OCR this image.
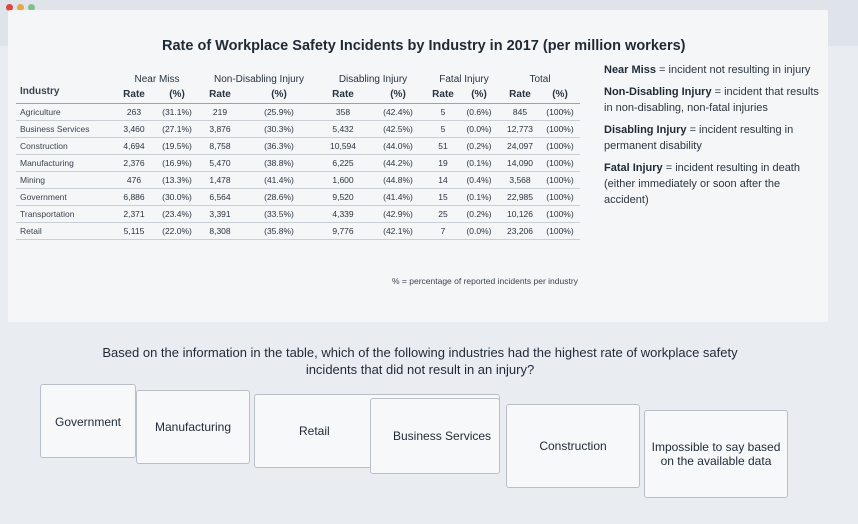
Rate of Workplace Safety Incidents by Industry in 2017 (per million workers)
Industry	Near Miss		Non-Disabling Injury		Disabling Injury		Fatal Injury		Total	
	Rate	(%)	Rate	(%)	Rate	(%)	Rate	(%)	Rate	(%)
Agriculture	263	(31.1%)	219	(25.9%)	358	(42.4%)	5	(0.6%)	845	(100%)
Business Services	3,460	(27.1%)	3,876	(30.3%)	5,432	(42.5%)	5	(0.0%)	12,773	(100%)
Construction	4,694	(19.5%)	8,758	(36.3%)	10,594	(44.0%)	51	(0.2%)	24,097	(100%)
Manufacturing	2,376	(16.9%)	5,470	(38.8%)	6,225	(44.2%)	19	(0.1%)	14,090	(100%)
Mining	476	(13.3%)	1,478	(41.4%)	1,600	(44.8%)	14	(0.4%)	3,568	(100%)
Government	6,886	(30.0%)	6,564	(28.6%)	9,520	(41.4%)	15	(0.1%)	22,985	(100%)
Transportation	2,371	(23.4%)	3,391	(33.5%)	4,339	(42.9%)	25	(0.2%)	10,126	(100%)
Retail	5,115	(22.0%)	8,308	(35.8%)	9,776	(42.1%)	7	(0.0%)	23,206	(100%)

Near Miss = incident not resulting in injury

Non-Disabling Injury = incident that results in non-disabling, non-fatal injuries

Disabling Injury = incident resulting in permanent disability

Fatal Injury = incident resulting in death (either immediately or soon after the accident)

% = percentage of reported incidents per industry
Based on the information in the table, which of the following industries had the highest rate of workplace safety incidents that did not result in an injury?
Government	Manufacturing	Retail	Business Services
Construction	Impossible to say based on the available data
